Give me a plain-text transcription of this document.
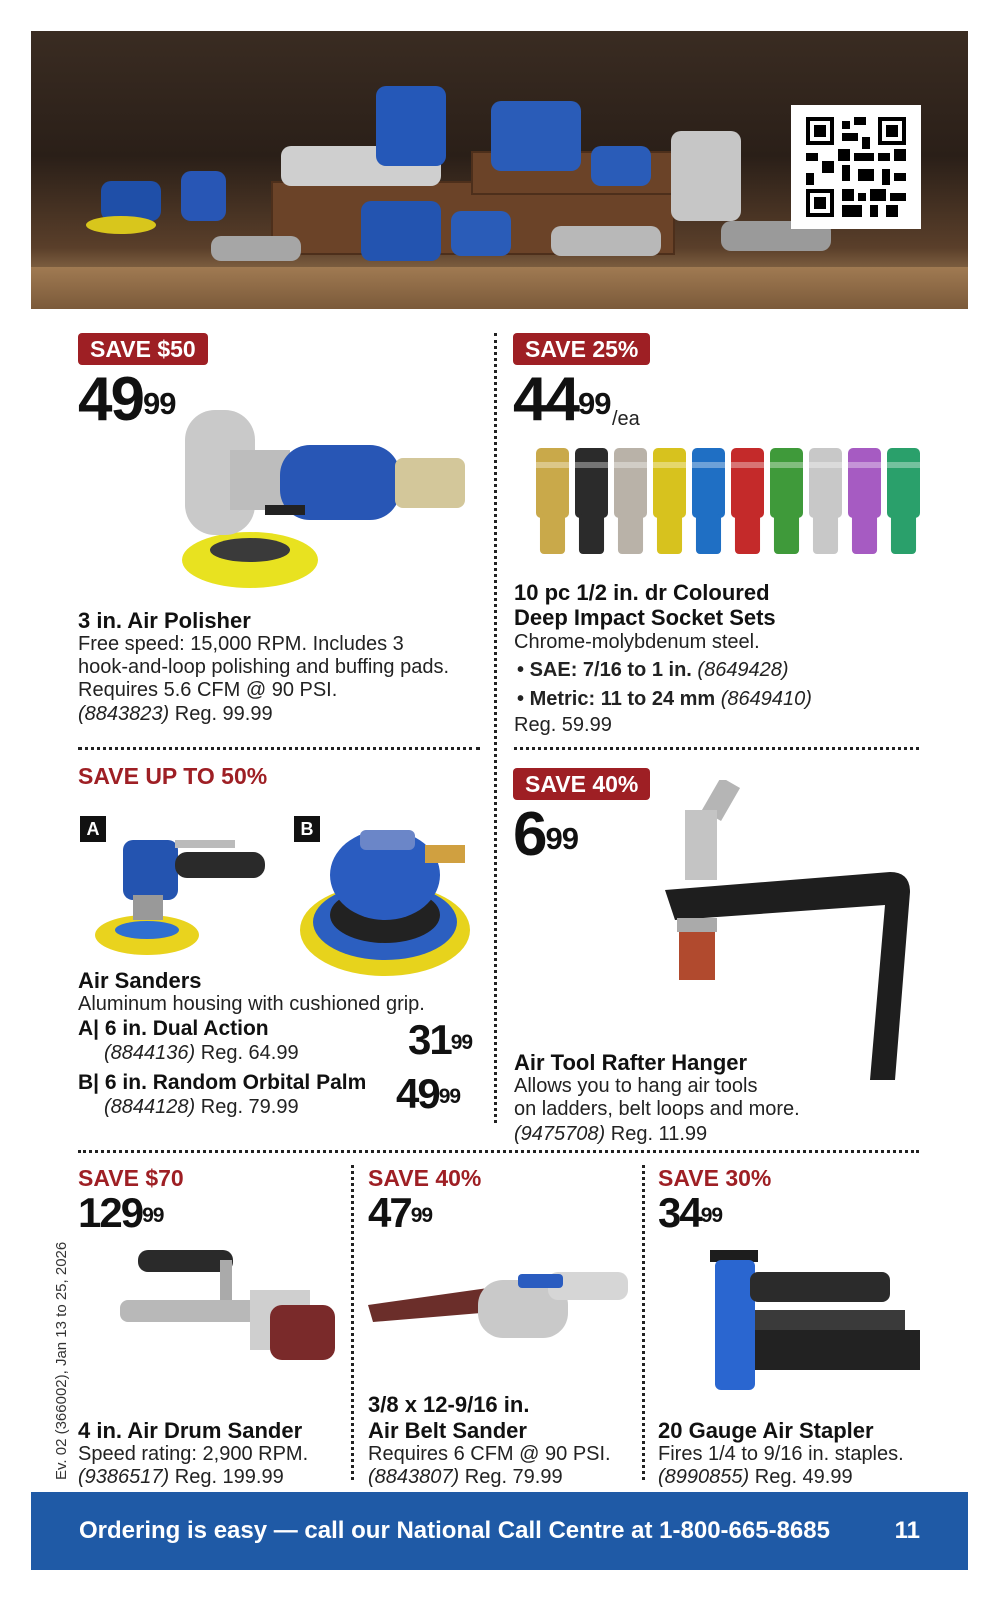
SAVE $50
$49^{99}$
3 in. Air Polisher
Free speed: 15,000 RPM. Includes 3
hook-and-loop polishing and buffing pads.
Requires 5.6 CFM @ 90 PSI.
(8843823) Reg. 99.99
SAVE 25%
$44^{99}$ /ea
10 pc 1/2 in. dr Coloured
Deep Impact Socket Sets
Chrome-molybdenum steel.
• SAE: 7/16 to 1 in. (8649428)
• Metric: 11 to 24 mm (8649410)
Reg. 59.99
SAVE UP TO 50%
A	B
Air Sanders
Aluminum housing with cushioned grip.
A| 6 in. Dual Action
(8844136) Reg. 64.99	$31^{99}$
B| 6 in. Random Orbital Palm
(8844128) Reg. 79.99 $49^{99}$
SAVE 40%
$6^{99}$
Air Tool Rafter Hanger
Allows you to hang air tools
on ladders, belt loops and more.
(9475708) Reg. 11.99
SAVE $70
$129^{99}$
4 in. Air Drum Sander
Speed rating: 2,900 RPM.
(9386517) Reg. 199.99
SAVE 40%
$47^{99}$
3/8 x 12-9/16 in.
Air Belt Sander
Requires 6 CFM @ 90 PSI.
(8843807) Reg. 79.99
SAVE 30%
$34^{99}$
20 Gauge Air Stapler
Fires 1/4 to 9/16 in. staples.
(8990855) Reg. 49.99
Ev. 02 (366002), Jan 13 to 25, 2026
Ordering is easy — call our National Call Centre at 1-800-665-8685	11
